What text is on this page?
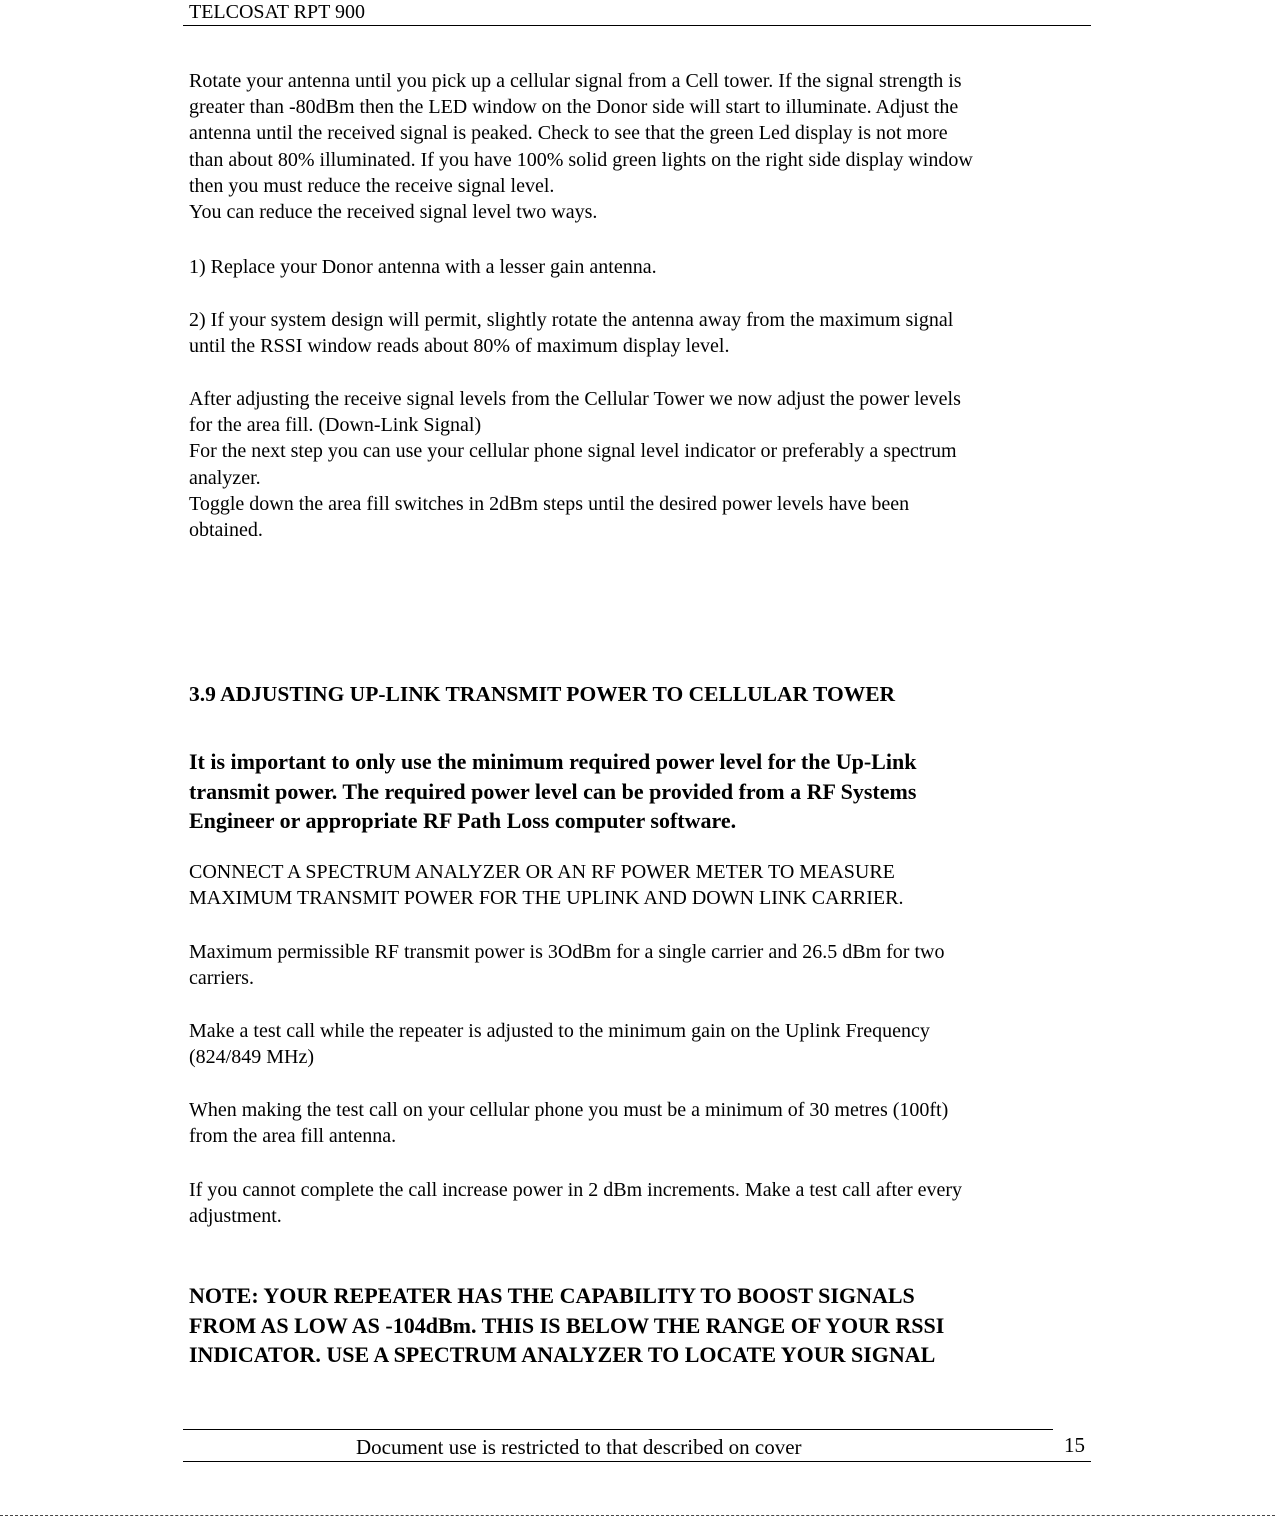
TELCOSAT RPT 900

Rotate your antenna until you pick up a cellular signal from a Cell tower. If the signal strength is

greater than -80dBm then the LED window on the Donor side will start to illuminate. Adjust the

antenna until the received signal is peaked. Check to see that the green Led display is not more

than about 80% illuminated. If you have 100% solid green lights on the right side display window

then you must reduce the receive signal level.

You can reduce the received signal level two ways.

1) Replace your Donor antenna with a lesser gain antenna.

2) If your system design will permit, slightly rotate the antenna away from the maximum signal

until the RSSI window reads about 80% of maximum display level.

After adjusting the receive signal levels from the Cellular Tower we now adjust the power levels

for the area fill. (Down-Link Signal)

For the next step you can use your cellular phone signal level indicator or preferably a spectrum

analyzer.

Toggle down the area fill switches in 2dBm steps until the desired power levels have been

obtained.

3.9 ADJUSTING UP-LINK TRANSMIT POWER TO CELLULAR TOWER

It is important to only use the minimum required power level for the Up-Link

transmit power. The required power level can be provided from a RF Systems

Engineer or appropriate RF Path Loss computer software.

CONNECT A SPECTRUM ANALYZER OR AN RF POWER METER TO MEASURE

MAXIMUM TRANSMIT POWER FOR THE UPLINK AND DOWN LINK CARRIER.

Maximum permissible RF transmit power is 3OdBm for a single carrier and 26.5 dBm for two

carriers.

Make a test call while the repeater is adjusted to the minimum gain on the Uplink Frequency

(824/849 MHz)

When making the test call on your cellular phone you must be a minimum of 30 metres (100ft)

from the area fill antenna.

If you cannot complete the call increase power in 2 dBm increments. Make a test call after every

adjustment.

NOTE: YOUR REPEATER HAS THE CAPABILITY TO BOOST SIGNALS

FROM AS LOW AS -104dBm. THIS IS BELOW THE RANGE OF YOUR RSSI

INDICATOR. USE A SPECTRUM ANALYZER TO LOCATE YOUR SIGNAL

Document use is restricted to that described on cover	15
